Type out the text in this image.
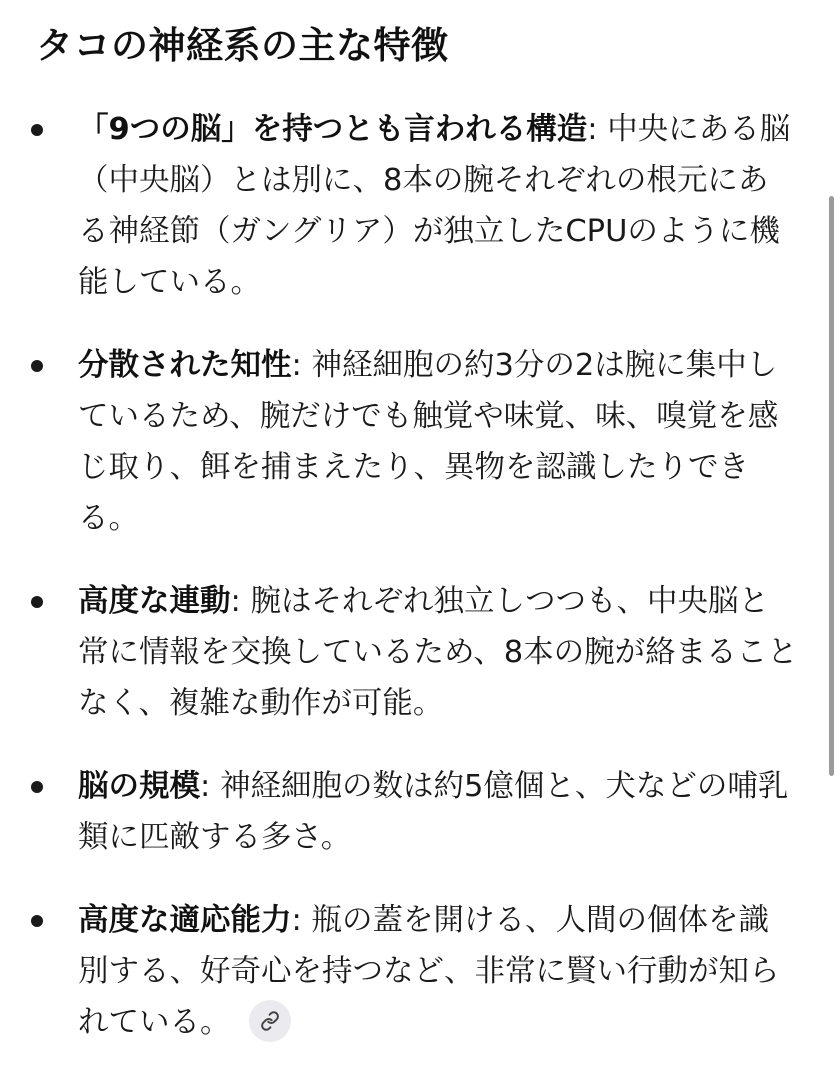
タコの神経系の主な特徴
「9つの脳」を持つとも言われる構造: 中央にある脳（中央脳）とは別に、8本の腕それぞれの根元にある神経節（ガングリア）が独立したCPUのように機能している。
分散された知性: 神経細胞の約3分の2は腕に集中しているため、腕だけでも触覚や味覚、味、嗅覚を感じ取り、餌を捕まえたり、異物を認識したりできる。
高度な連動: 腕はそれぞれ独立しつつも、中央脳と常に情報を交換しているため、8本の腕が絡まることなく、複雑な動作が可能。
脳の規模: 神経細胞の数は約5億個と、犬などの哺乳類に匹敵する多さ。
高度な適応能力: 瓶の蓋を開ける、人間の個体を識別する、好奇心を持つなど、非常に賢い行動が知られている。
